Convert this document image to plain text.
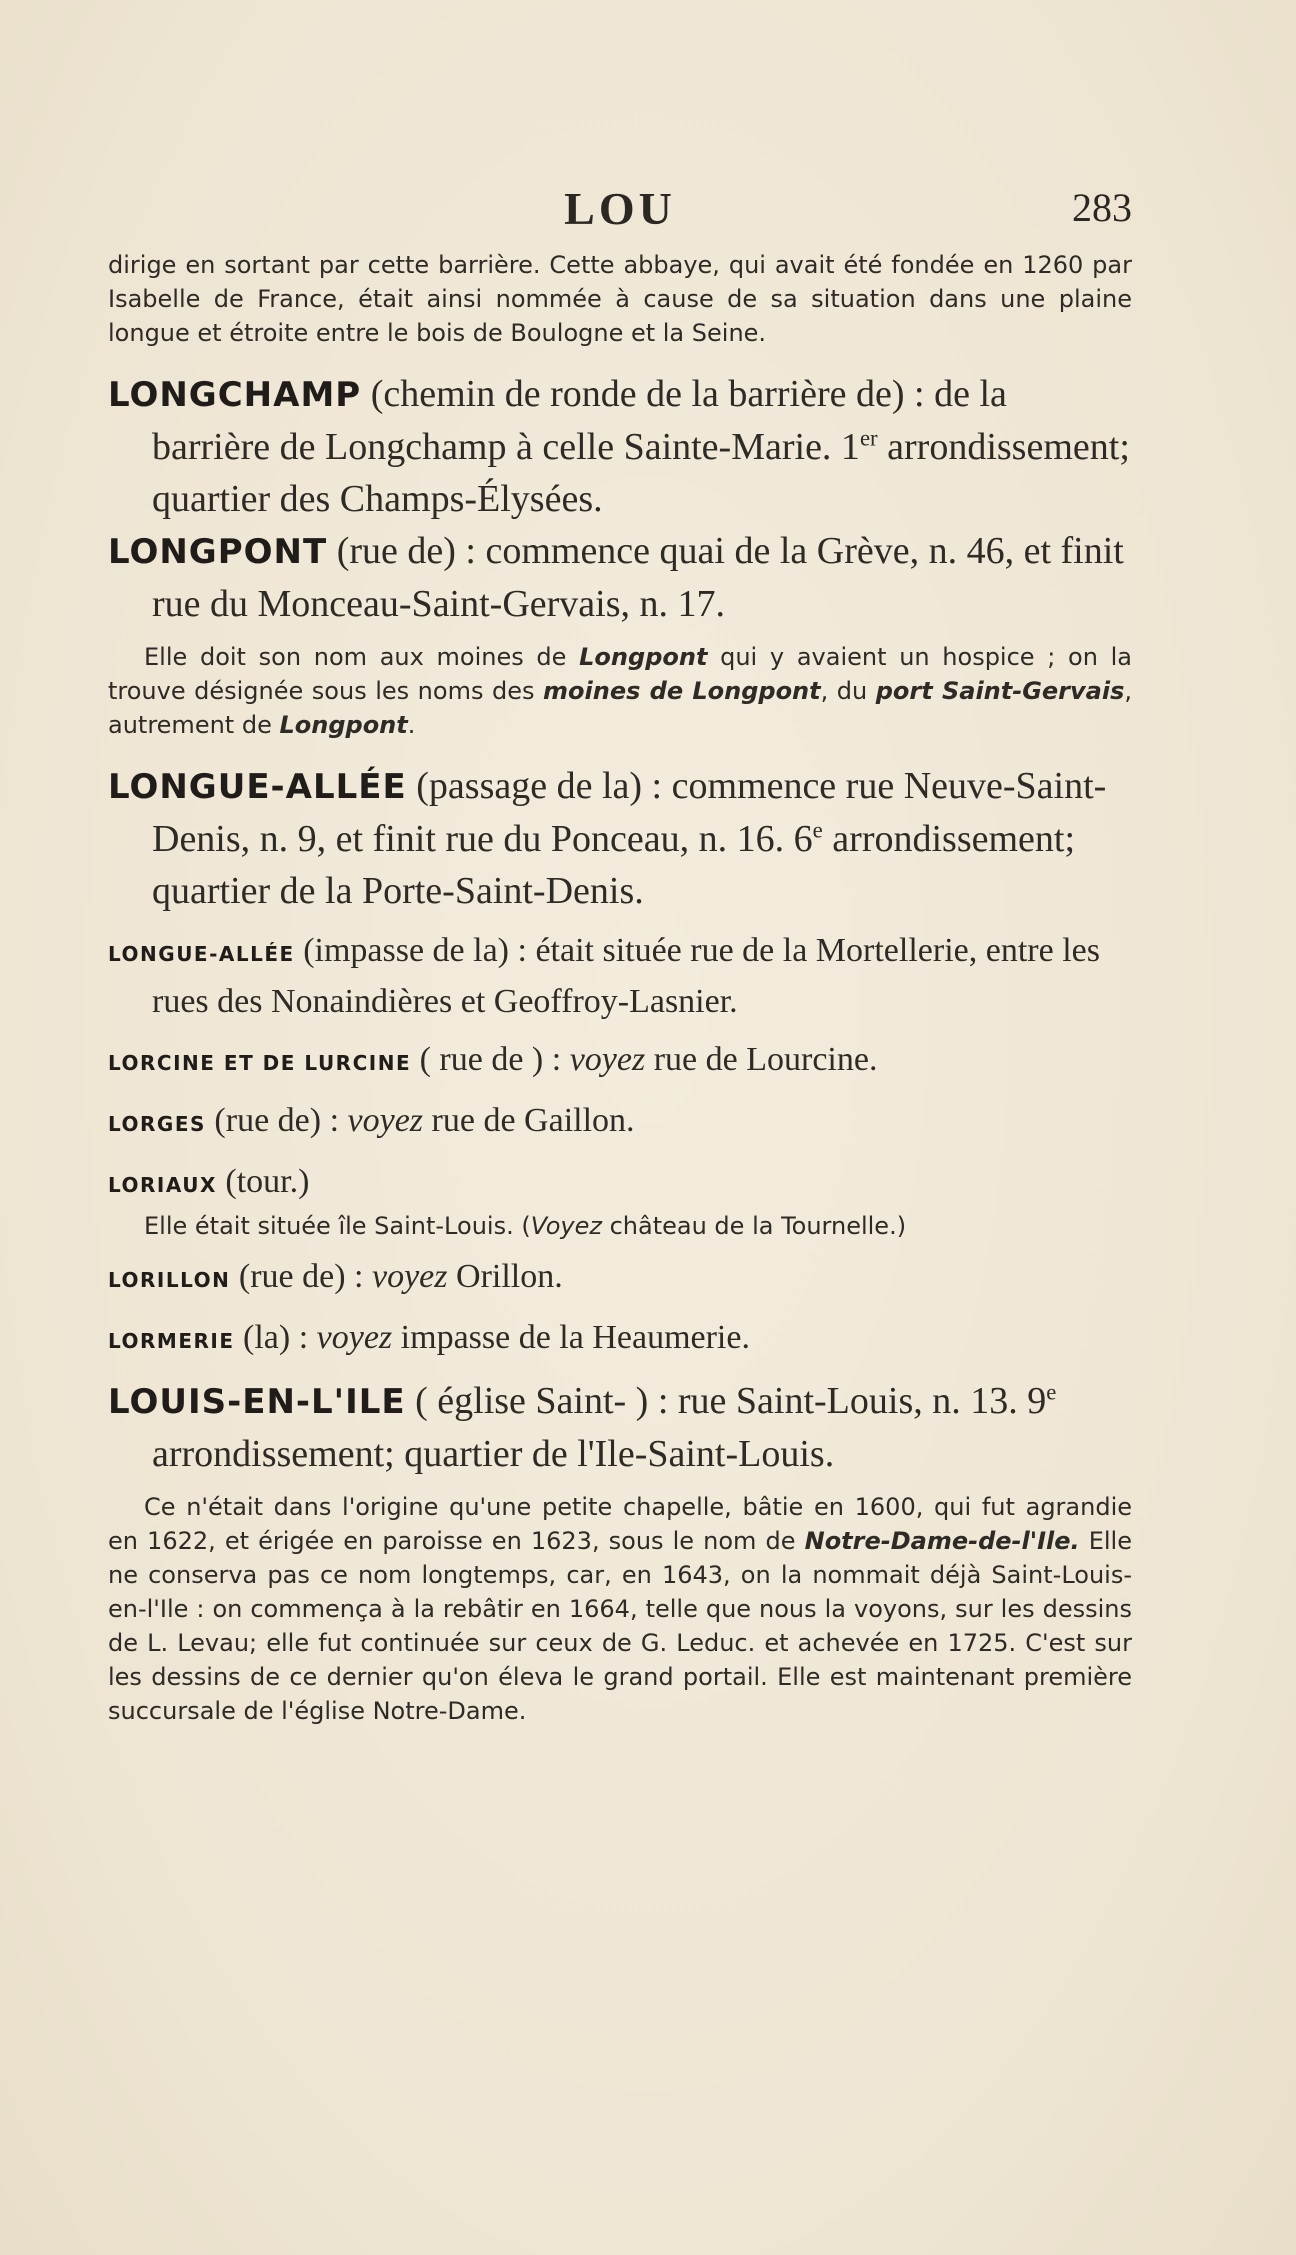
LOU	283

dirige en sortant par cette barrière. Cette abbaye, qui avait été fondée en 1260 par Isabelle de France, était ainsi nommée à cause de sa situation dans une plaine longue et étroite entre le bois de Boulogne et la Seine.

LONGCHAMP (chemin de ronde de la barrière de) : de la barrière de Longchamp à celle Sainte-Marie. 1er arrondissement; quartier des Champs-Élysées.

LONGPONT (rue de) : commence quai de la Grève, n. 46, et finit rue du Monceau-Saint-Gervais, n. 17.

Elle doit son nom aux moines de Longpont qui y avaient un hospice ; on la trouve désignée sous les noms des moines de Longpont, du port Saint-Gervais, autrement de Longpont.

LONGUE-ALLÉE (passage de la) : commence rue Neuve-Saint-Denis, n. 9, et finit rue du Ponceau, n. 16. 6e arrondissement; quartier de la Porte-Saint-Denis.

LONGUE-ALLÉE (impasse de la) : était située rue de la Mortellerie, entre les rues des Nonaindières et Geoffroy-Lasnier.

LORCINE ET DE LURCINE ( rue de ) : voyez rue de Lourcine.

LORGES (rue de) : voyez rue de Gaillon.

LORIAUX (tour.)

Elle était située île Saint-Louis. (Voyez château de la Tournelle.)

LORILLON (rue de) : voyez Orillon.

LORMERIE (la) : voyez impasse de la Heaumerie.

LOUIS-EN-L'ILE ( église Saint- ) : rue Saint-Louis, n. 13. 9e arrondissement; quartier de l'Ile-Saint-Louis.

Ce n'était dans l'origine qu'une petite chapelle, bâtie en 1600, qui fut agrandie en 1622, et érigée en paroisse en 1623, sous le nom de Notre-Dame-de-l'Ile. Elle ne conserva pas ce nom longtemps, car, en 1643, on la nommait déjà Saint-Louis-en-l'Ile : on commença à la rebâtir en 1664, telle que nous la voyons, sur les dessins de L. Levau; elle fut continuée sur ceux de G. Leduc. et achevée en 1725. C'est sur les dessins de ce dernier qu'on éleva le grand portail. Elle est maintenant première succursale de l'église Notre-Dame.
